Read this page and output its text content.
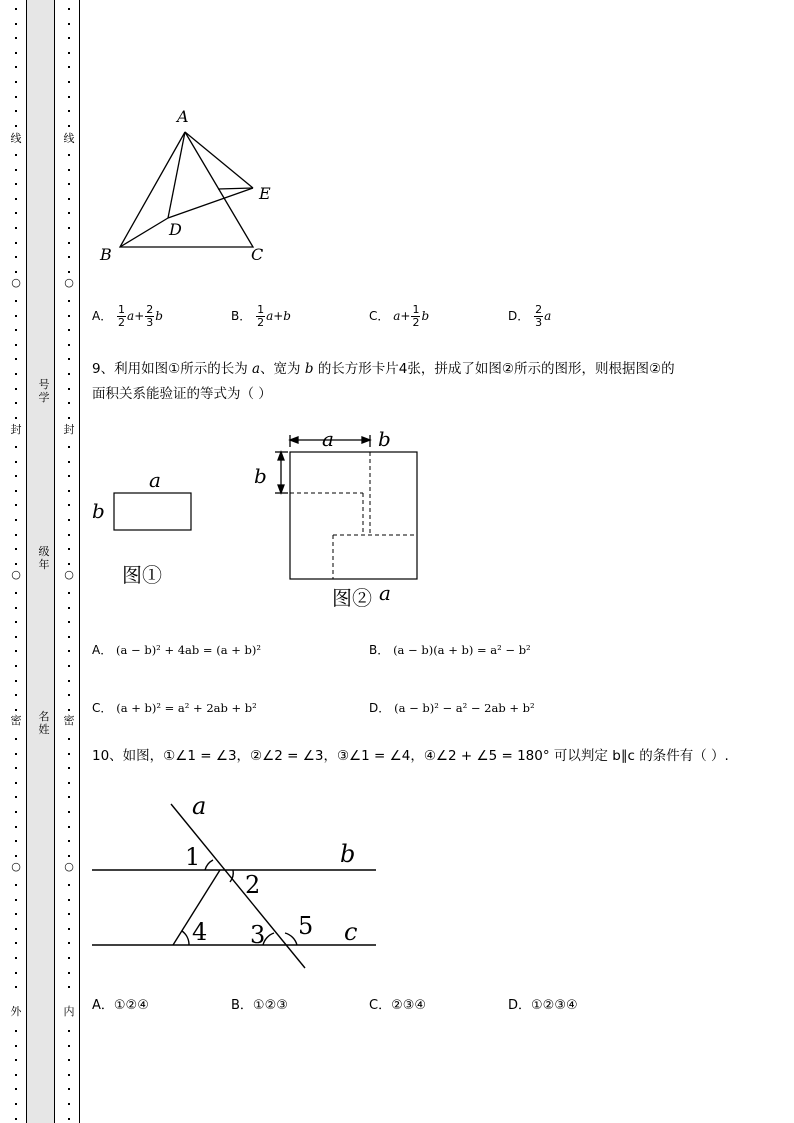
线
○
封
○
密
○
外
线
○
封
○
密
○
内
号学
级年
名姓
A
B	C
D
E
A． $\frac{1}{2} a+ \frac{2}{3}$ b	B． $\frac{1}{2} a+b$	C． $a+ \frac{1}{2}$ b	D． $\frac{2}{3}$ a
9、利用如图①所示的长为 a、宽为 b 的长方形卡片4张，拼成了如图②所示的图形，则根据图②的
面积关系能验证的等式为（ ）
a
b
图①
a b
b
图② a
A． (a − b)² + 4ab = (a + b)²	B． (a − b)(a + b) = a² − b²
C． (a + b)² = a² + 2ab + b²	D． (a − b)² − a² − 2ab + b²
10、如图，①∠1 = ∠3，②∠2 = ∠3，③∠1 = ∠4，④∠2 + ∠5 = 180° 可以判定 b∥c 的条件有（ ）.
a
b
c
1
2
3
4	5
A．①②④	B．①②③	C．②③④	D．①②③④
